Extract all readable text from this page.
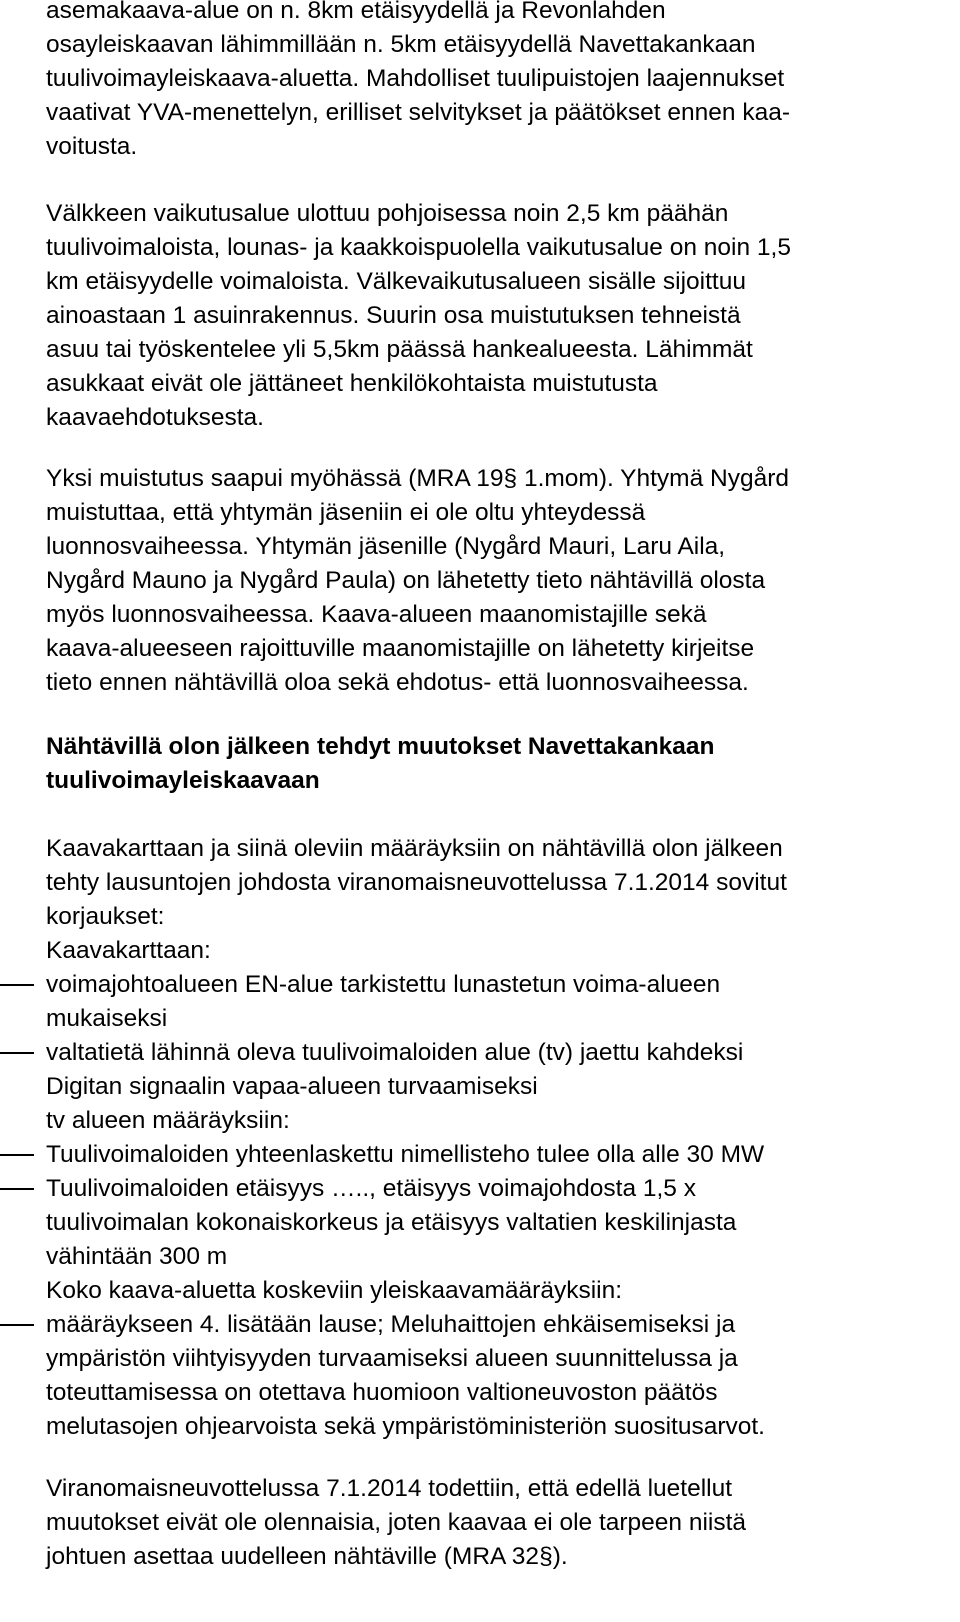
asemakaava-alue on n. 8km etäisyydellä ja Revonlahden

osayleiskaavan lähimmillään n. 5km etäisyydellä Navettakankaan

tuulivoimayleiskaava-aluetta. Mahdolliset tuulipuistojen laajennukset

vaativat YVA-menettelyn, erilliset selvitykset ja päätökset ennen kaa-

voitusta.

Välkkeen vaikutusalue ulottuu pohjoisessa noin 2,5 km päähän

tuulivoimaloista, lounas- ja kaakkoispuolella vaikutusalue on noin 1,5

km etäisyydelle voimaloista. Välkevaikutusalueen sisälle sijoittuu

ainoastaan 1 asuinrakennus. Suurin osa muistutuksen tehneistä

asuu tai työskentelee yli 5,5km päässä hankealueesta. Lähimmät

asukkaat eivät ole jättäneet henkilökohtaista muistutusta

kaavaehdotuksesta.

Yksi muistutus saapui myöhässä (MRA 19§ 1.mom). Yhtymä Nygård

muistuttaa, että yhtymän jäseniin ei ole oltu yhteydessä

luonnosvaiheessa. Yhtymän jäsenille (Nygård Mauri, Laru Aila,

Nygård Mauno ja Nygård Paula) on lähetetty tieto nähtävillä olosta

myös luonnosvaiheessa. Kaava-alueen maanomistajille sekä

kaava-alueeseen rajoittuville maanomistajille on lähetetty kirjeitse

tieto ennen nähtävillä oloa sekä ehdotus- että luonnosvaiheessa.

Nähtävillä olon jälkeen tehdyt muutokset Navettakankaan

tuulivoimayleiskaavaan

Kaavakarttaan ja siinä oleviin määräyksiin on nähtävillä olon jälkeen

tehty lausuntojen johdosta viranomaisneuvottelussa 7.1.2014 sovitut

korjaukset:

Kaavakarttaan:

voimajohtoalueen EN-alue tarkistettu lunastetun voima-alueen

mukaiseksi

valtatietä lähinnä oleva tuulivoimaloiden alue (tv) jaettu kahdeksi

Digitan signaalin vapaa-alueen turvaamiseksi

tv alueen määräyksiin:

Tuulivoimaloiden yhteenlaskettu nimellisteho tulee olla alle 30 MW

Tuulivoimaloiden etäisyys ….., etäisyys voimajohdosta 1,5 x

tuulivoimalan kokonaiskorkeus ja etäisyys valtatien keskilinjasta

vähintään 300 m

Koko kaava-aluetta koskeviin yleiskaavamääräyksiin:

määräykseen 4. lisätään lause; Meluhaittojen ehkäisemiseksi ja

ympäristön viihtyisyyden turvaamiseksi alueen suunnittelussa ja

toteuttamisessa on otettava huomioon valtioneuvoston päätös

melutasojen ohjearvoista sekä ympäristöministeriön suositusarvot.

Viranomaisneuvottelussa 7.1.2014 todettiin, että edellä luetellut

muutokset eivät ole olennaisia, joten kaavaa ei ole tarpeen niistä

johtuen asettaa uudelleen nähtäville (MRA 32§).
